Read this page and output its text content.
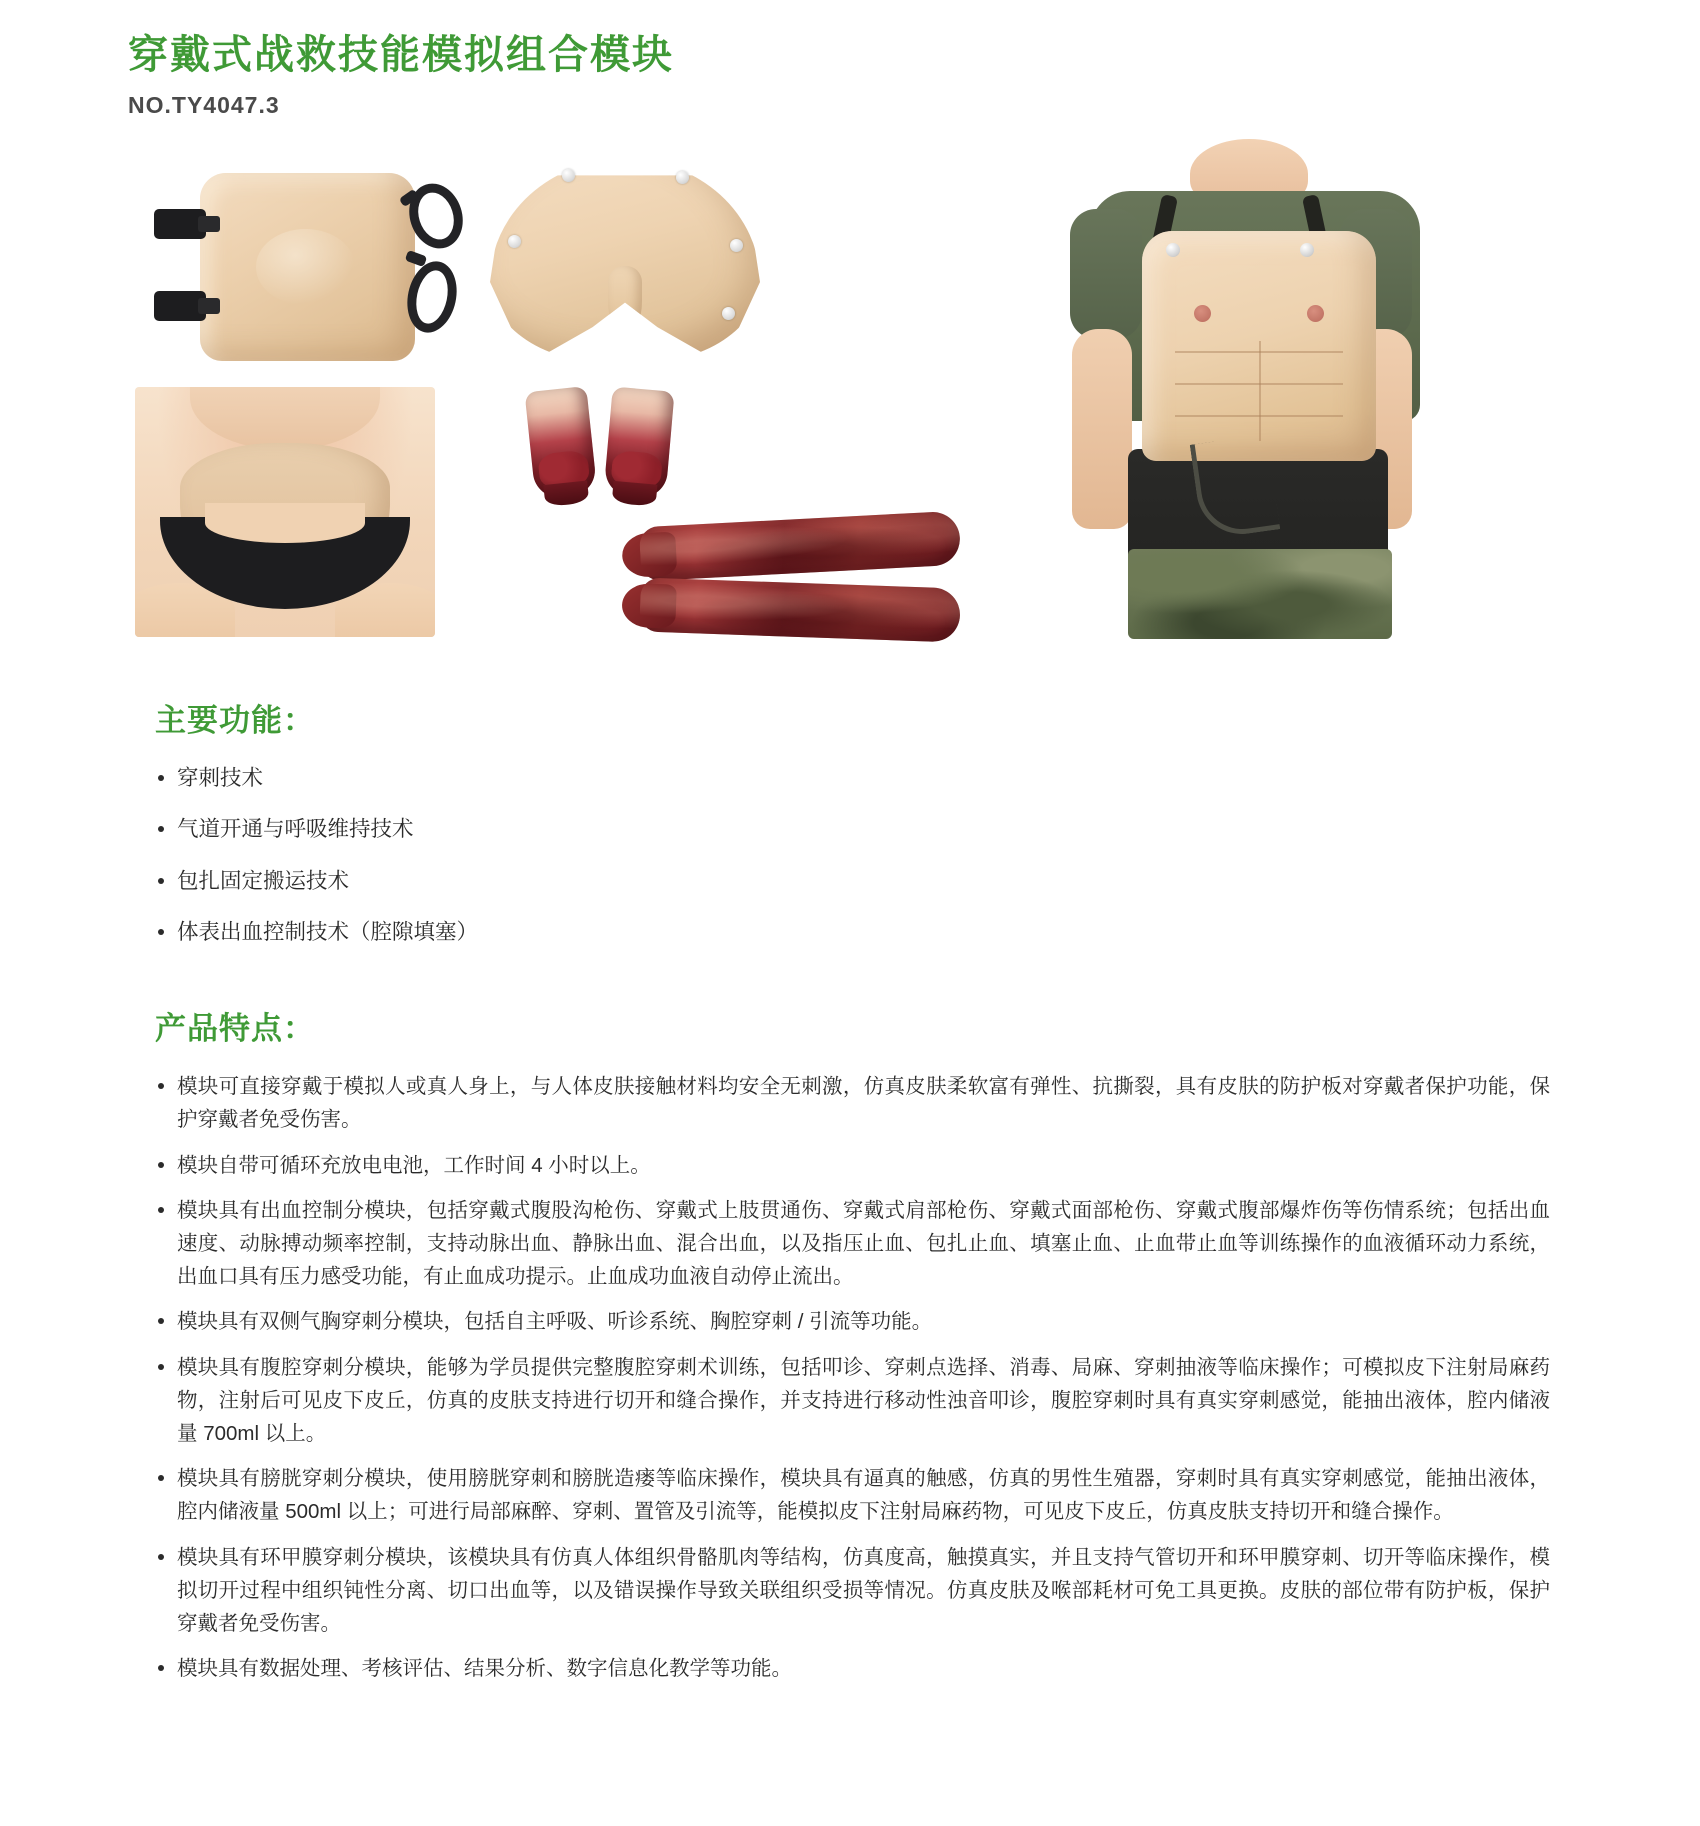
穿戴式战救技能模拟组合模块
NO.TY4047.3
主要功能：
穿刺技术
气道开通与呼吸维持技术
包扎固定搬运技术
体表出血控制技术（腔隙填塞）
产品特点：
模块可直接穿戴于模拟人或真人身上，与人体皮肤接触材料均安全无刺激，仿真皮肤柔软富有弹性、抗撕裂，具有皮肤的防护板对穿戴者保护功能，保护穿戴者免受伤害。
模块自带可循环充放电电池，工作时间 4 小时以上。
模块具有出血控制分模块，包括穿戴式腹股沟枪伤、穿戴式上肢贯通伤、穿戴式肩部枪伤、穿戴式面部枪伤、穿戴式腹部爆炸伤等伤情系统；包括出血速度、动脉搏动频率控制，支持动脉出血、静脉出血、混合出血，以及指压止血、包扎止血、填塞止血、止血带止血等训练操作的血液循环动力系统，出血口具有压力感受功能，有止血成功提示。止血成功血液自动停止流出。
模块具有双侧气胸穿刺分模块，包括自主呼吸、听诊系统、胸腔穿刺 / 引流等功能。
模块具有腹腔穿刺分模块，能够为学员提供完整腹腔穿刺术训练，包括叩诊、穿刺点选择、消毒、局麻、穿刺抽液等临床操作；可模拟皮下注射局麻药物，注射后可见皮下皮丘，仿真的皮肤支持进行切开和缝合操作，并支持进行移动性浊音叩诊，腹腔穿刺时具有真实穿刺感觉，能抽出液体，腔内储液量 700ml 以上。
模块具有膀胱穿刺分模块，使用膀胱穿刺和膀胱造瘘等临床操作，模块具有逼真的触感，仿真的男性生殖器，穿刺时具有真实穿刺感觉，能抽出液体，腔内储液量 500ml 以上；可进行局部麻醉、穿刺、置管及引流等，能模拟皮下注射局麻药物，可见皮下皮丘，仿真皮肤支持切开和缝合操作。
模块具有环甲膜穿刺分模块，该模块具有仿真人体组织骨骼肌肉等结构，仿真度高，触摸真实，并且支持气管切开和环甲膜穿刺、切开等临床操作，模拟切开过程中组织钝性分离、切口出血等，以及错误操作导致关联组织受损等情况。仿真皮肤及喉部耗材可免工具更换。皮肤的部位带有防护板，保护穿戴者免受伤害。
模块具有数据处理、考核评估、结果分析、数字信息化教学等功能。
